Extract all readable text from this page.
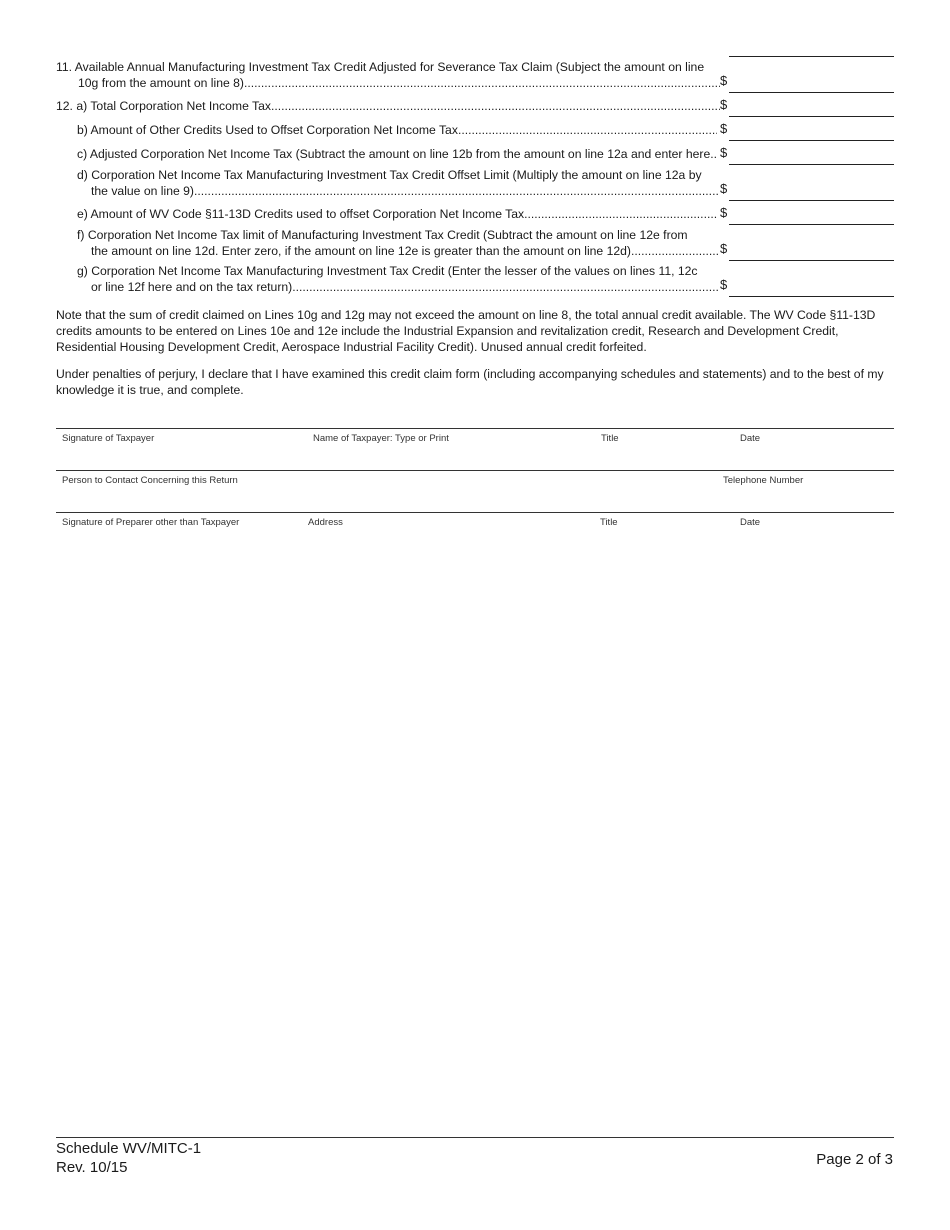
11. Available Annual Manufacturing Investment Tax Credit Adjusted for Severance Tax Claim (Subject the amount on line
10g from the amount on line 8) .....	$
12. a) Total Corporation Net Income Tax .....	$
b) Amount of Other Credits Used to Offset Corporation Net Income Tax .....	$
c) Adjusted Corporation Net Income Tax (Subtract the amount on line 12b from the amount on line 12a and enter here ..... $
d) Corporation Net Income Tax Manufacturing Investment Tax Credit Offset Limit (Multiply the amount on line 12a by
the value on line 9) .....	$
e) Amount of WV Code §11-13D Credits used to offset Corporation Net Income Tax .....	$
f) Corporation Net Income Tax limit of Manufacturing Investment Tax Credit (Subtract the amount on line 12e from
the amount on line 12d. Enter zero, if the amount on line 12e is greater than the amount on line 12d) .....	$
g) Corporation Net Income Tax Manufacturing Investment Tax Credit (Enter the lesser of the values on lines 11, 12c
or line 12f here and on the tax return) .....	$
Note that the sum of credit claimed on Lines 10g and 12g may not exceed the amount on line 8, the total annual credit available. The WV Code §11-13D credits amounts to be entered on Lines 10e and 12e include the Industrial Expansion and revitalization credit, Research and Development Credit, Residential Housing Development Credit, Aerospace Industrial Facility Credit). Unused annual credit forfeited.
Under penalties of perjury, I declare that I have examined this credit claim form (including accompanying schedules and statements) and to the best of my knowledge it is true, and complete.
Signature of Taxpayer	Name of Taxpayer: Type or Print	Title	Date
Person to Contact Concerning this Return	Telephone Number
Signature of Preparer other than Taxpayer	Address	Title	Date
Schedule WV/MITC-1
Rev. 10/15	Page 2 of 3
